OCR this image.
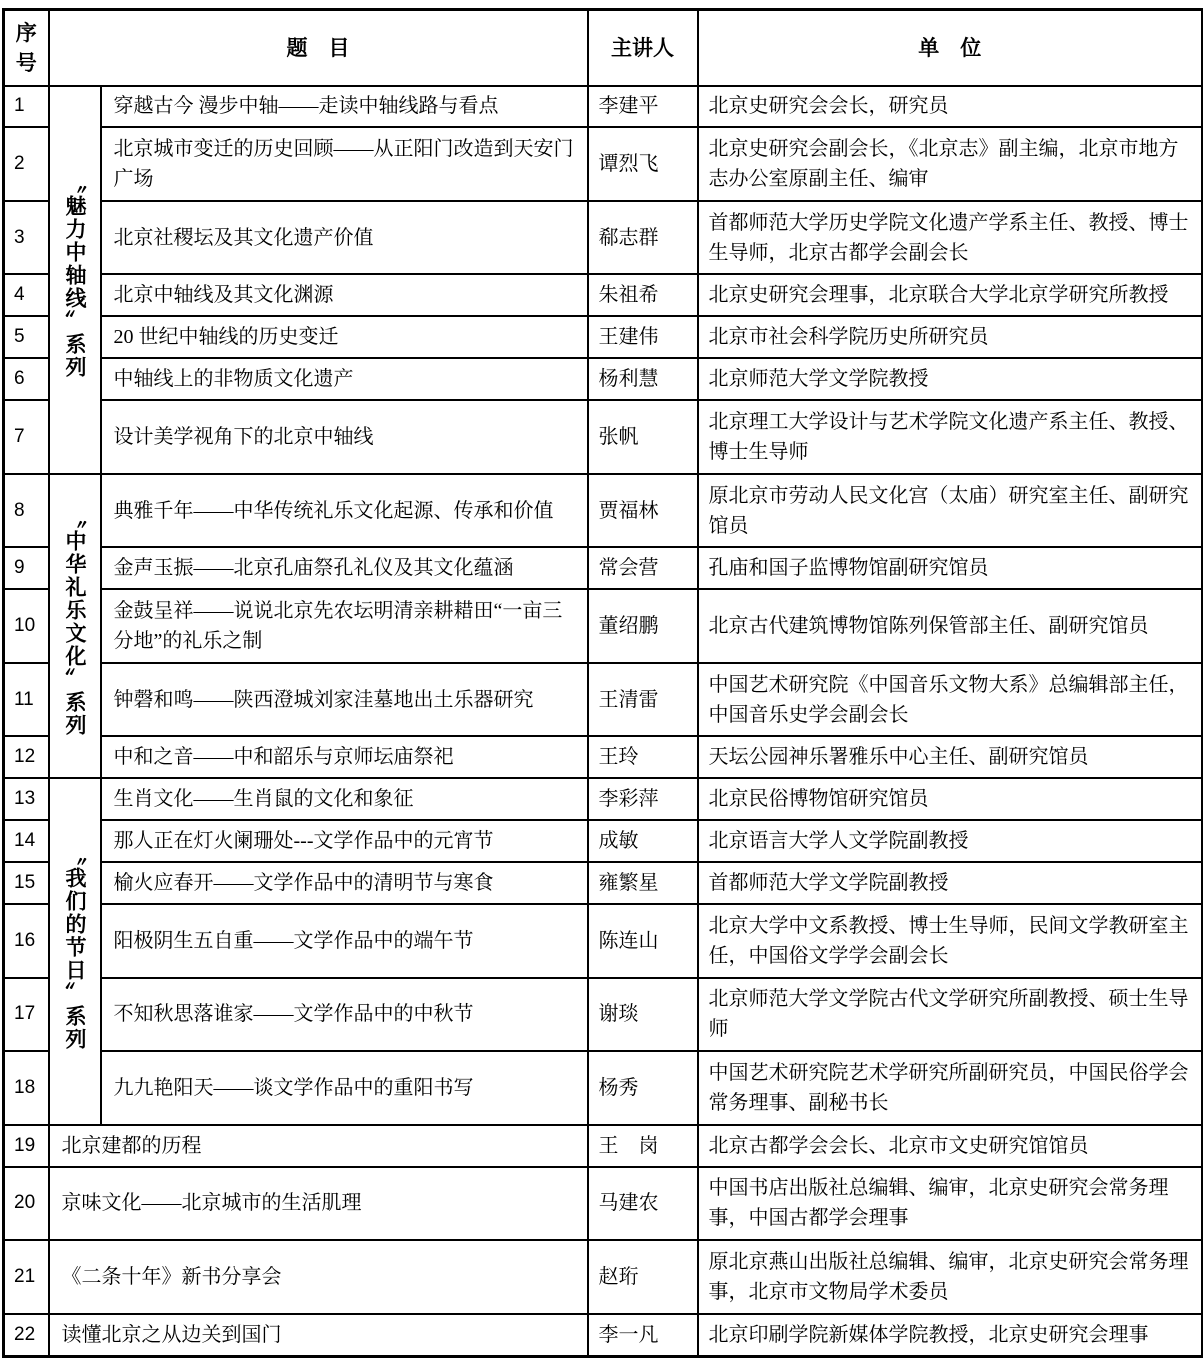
序号	题　目		主讲人	单　位
1	〝魅力中轴线〞系列	穿越古今 漫步中轴——走读中轴线路与看点	李建平	北京史研究会会长，研究员
2		北京城市变迁的历史回顾——从正阳门改造到天安门广场	谭烈飞	北京史研究会副会长，《北京志》副主编，北京市地方志办公室原副主任、编审
3		北京社稷坛及其文化遗产价值	郗志群	首都师范大学历史学院文化遗产学系主任、教授、博士生导师，北京古都学会副会长
4		北京中轴线及其文化渊源	朱祖希	北京史研究会理事，北京联合大学北京学研究所教授
5		20 世纪中轴线的历史变迁	王建伟	北京市社会科学院历史所研究员
6		中轴线上的非物质文化遗产	杨利慧	北京师范大学文学院教授
7		设计美学视角下的北京中轴线	张帆	北京理工大学设计与艺术学院文化遗产系主任、教授、博士生导师
8	〝中华礼乐文化〞系列	典雅千年——中华传统礼乐文化起源、传承和价值	贾福林	原北京市劳动人民文化宫（太庙）研究室主任、副研究馆员
9		金声玉振——北京孔庙祭孔礼仪及其文化蕴涵	常会营	孔庙和国子监博物馆副研究馆员
10		金鼓呈祥——说说北京先农坛明清亲耕耤田“一亩三分地”的礼乐之制	董绍鹏	北京古代建筑博物馆陈列保管部主任、副研究馆员
11		钟磬和鸣——陕西澄城刘家洼墓地出土乐器研究	王清雷	中国艺术研究院《中国音乐文物大系》总编辑部主任，中国音乐史学会副会长
12		中和之音——中和韶乐与京师坛庙祭祀	王玲	天坛公园神乐署雅乐中心主任、副研究馆员
13	〝我们的节日〞系列	生肖文化——生肖鼠的文化和象征	李彩萍	北京民俗博物馆研究馆员
14		那人正在灯火阑珊处---文学作品中的元宵节	成敏	北京语言大学人文学院副教授
15		榆火应春开——文学作品中的清明节与寒食	雍繁星	首都师范大学文学院副教授
16		阳极阴生五自重——文学作品中的端午节	陈连山	北京大学中文系教授、博士生导师，民间文学教研室主任，中国俗文学学会副会长
17		不知秋思落谁家——文学作品中的中秋节	谢琰	北京师范大学文学院古代文学研究所副教授、硕士生导师
18		九九艳阳天——谈文学作品中的重阳书写	杨秀	中国艺术研究院艺术学研究所副研究员，中国民俗学会常务理事、副秘书长
19	北京建都的历程		王　岗	北京古都学会会长、北京市文史研究馆馆员
20	京味文化——北京城市的生活肌理		马建农	中国书店出版社总编辑、编审，北京史研究会常务理事，中国古都学会理事
21	《二条十年》新书分享会		赵珩	原北京燕山出版社总编辑、编审，北京史研究会常务理事，北京市文物局学术委员
22	读懂北京之从边关到国门		李一凡	北京印刷学院新媒体学院教授，北京史研究会理事
